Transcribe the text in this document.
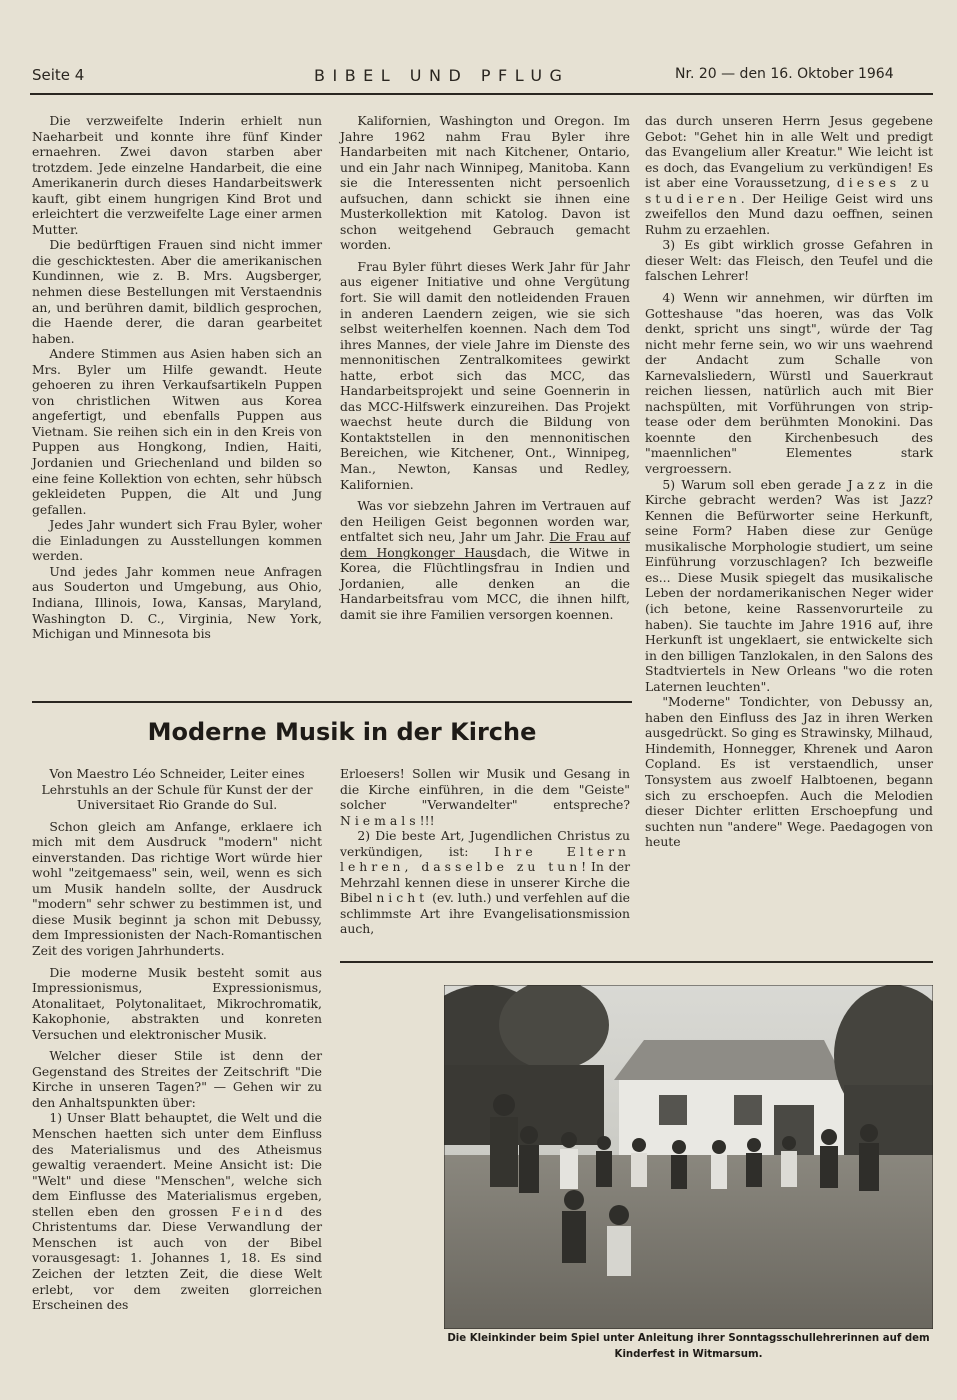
Seite 4	BIBEL UND PFLUG	Nr. 20 — den 16. Oktober 1964

Die verzweifelte Inderin erhielt nun Naeharbeit und konnte ihre fünf Kinder ernaehren. Zwei davon starben aber trotzdem. Jede einzelne Handarbeit, die eine Amerikanerin durch dieses Handarbeitswerk kauft, gibt einem hungrigen Kind Brot und erleichtert die verzweifelte Lage einer armen Mutter.

Die bedürftigen Frauen sind nicht immer die geschicktesten. Aber die amerikanischen Kundinnen, wie z. B. Mrs. Augsberger, nehmen diese Bestellungen mit Verstaendnis an, und berühren damit, bildlich gesprochen, die Haende derer, die daran gearbeitet haben.

Andere Stimmen aus Asien haben sich an Mrs. Byler um Hilfe gewandt. Heute gehoeren zu ihren Verkaufsartikeln Puppen von christlichen Witwen aus Korea angefertigt, und ebenfalls Puppen aus Vietnam. Sie reihen sich ein in den Kreis von Puppen aus Hongkong, Indien, Haiti, Jordanien und Griechenland und bilden so eine feine Kollektion von echten, sehr hübsch gekleideten Puppen, die Alt und Jung gefallen.

Jedes Jahr wundert sich Frau Byler, woher die Einladungen zu Ausstellungen kommen werden.

Und jedes Jahr kommen neue Anfragen aus Souderton und Umgebung, aus Ohio, Indiana, Illinois, Iowa, Kansas, Maryland, Washington D. C., Virginia, New York, Michigan und Minnesota bis

Kalifornien, Washington und Oregon. Im Jahre 1962 nahm Frau Byler ihre Handarbeiten mit nach Kitchener, Ontario, und ein Jahr nach Winnipeg, Manitoba. Kann sie die Interessenten nicht persoenlich aufsuchen, dann schickt sie ihnen eine Musterkollektion mit Katolog. Davon ist schon weitgehend Gebrauch gemacht worden.

Frau Byler führt dieses Werk Jahr für Jahr aus eigener Initiative und ohne Vergütung fort. Sie will damit den notleidenden Frauen in anderen Laendern zeigen, wie sie sich selbst weiterhelfen koennen. Nach dem Tod ihres Mannes, der viele Jahre im Dienste des mennonitischen Zentralkomitees gewirkt hatte, erbot sich das MCC, das Handarbeitsprojekt und seine Goennerin in das MCC-Hilfswerk einzureihen. Das Projekt waechst heute durch die Bildung von Kontaktstellen in den mennonitischen Bereichen, wie Kitchener, Ont., Winnipeg, Man., Newton, Kansas und Redley, Kalifornien.

Was vor siebzehn Jahren im Vertrauen auf den Heiligen Geist begonnen worden war, entfaltet sich neu, Jahr um Jahr. Die Frau auf dem Hongkonger Hausdach, die Witwe in Korea, die Flüchtlingsfrau in Indien und Jordanien, alle denken an die Handarbeitsfrau vom MCC, die ihnen hilft, damit sie ihre Familien versorgen koennen.

Moderne Musik in der Kirche

Von Maestro Léo Schneider, Leiter eines Lehrstuhls an der Schule für Kunst der der Universitaet Rio Grande do Sul.

Schon gleich am Anfange, erklaere ich mich mit dem Ausdruck "modern" nicht einverstanden. Das richtige Wort würde hier wohl "zeitgemaess" sein, weil, wenn es sich um Musik handeln sollte, der Ausdruck "modern" sehr schwer zu bestimmen ist, und diese Musik beginnt ja schon mit Debussy, dem Impressionisten der Nach-Romantischen Zeit des vorigen Jahrhunderts.

Die moderne Musik besteht somit aus Impressionismus, Expressionismus, Atonalitaet, Polytonalitaet, Mikrochromatik, Kakophonie, abstrakten und konreten Versuchen und elektronischer Musik.

Welcher dieser Stile ist denn der Gegenstand des Streites der Zeitschrift "Die Kirche in unseren Tagen?" — Gehen wir zu den Anhaltspunkten über:

1) Unser Blatt behauptet, die Welt und die Menschen haetten sich unter dem Einfluss des Materialismus und des Atheismus gewaltig veraendert. Meine Ansicht ist: Die "Welt" und diese "Menschen", welche sich dem Einflusse des Materialismus ergeben, stellen eben den grossen Feind des Christentums dar. Diese Verwandlung der Menschen ist auch von der Bibel vorausgesagt: 1. Johannes 1, 18. Es sind Zeichen der letzten Zeit, die diese Welt erlebt, vor dem zweiten glorreichen Erscheinen des

Erloesers! Sollen wir Musik und Gesang in die Kirche einführen, in die dem "Geiste" solcher "Verwandelter" entspreche? Niemals!!!

2) Die beste Art, Jugendlichen Christus zu verkündigen, ist: Ihre Eltern lehren, dasselbe zu tun! In der Mehrzahl kennen diese in unserer Kirche die Bibel nicht (ev. luth.) und verfehlen auf die schlimmste Art ihre Evangelisationsmission auch,

das durch unseren Herrn Jesus gegebene Gebot: "Gehet hin in alle Welt und predigt das Evangelium aller Kreatur." Wie leicht ist es doch, das Evangelium zu verkündigen! Es ist aber eine Voraussetzung, dieses zu studieren. Der Heilige Geist wird uns zweifellos den Mund dazu oeffnen, seinen Ruhm zu erzaehlen.

3) Es gibt wirklich grosse Gefahren in dieser Welt: das Fleisch, den Teufel und die falschen Lehrer!

4) Wenn wir annehmen, wir dürften im Gotteshause "das hoeren, was das Volk denkt, spricht uns singt", würde der Tag nicht mehr ferne sein, wo wir uns waehrend der Andacht zum Schalle von Karnevalsliedern, Würstl und Sauerkraut reichen liessen, natürlich auch mit Bier nachspülten, mit Vorführungen von strip-tease oder dem berühmten Monokini. Das koennte den Kirchenbesuch des "maennlichen" Elementes stark vergroessern.

5) Warum soll eben gerade Jazz in die Kirche gebracht werden? Was ist Jazz? Kennen die Befürworter seine Herkunft, seine Form? Haben diese zur Genüge musikalische Morphologie studiert, um seine Einführung vorzuschlagen? Ich bezweifle es... Diese Musik spiegelt das musikalische Leben der nordamerikanischen Neger wider (ich betone, keine Rassenvorurteile zu haben). Sie tauchte im Jahre 1916 auf, ihre Herkunft ist ungeklaert, sie entwickelte sich in den billigen Tanzlokalen, in den Salons des Stadtviertels in New Orleans "wo die roten Laternen leuchten".

"Moderne" Tondichter, von Debussy an, haben den Einfluss des Jaz in ihren Werken ausgedrückt. So ging es Strawinsky, Milhaud, Hindemith, Honnegger, Khrenek und Aaron Copland. Es ist verstaendlich, unser Tonsystem aus zwoelf Halbtoenen, begann sich zu erschoepfen. Auch die Melodien dieser Dichter erlitten Erschoepfung und suchten nun "andere" Wege. Paedagogen von heute

Die Kleinkinder beim Spiel unter Anleitung ihrer Sonntagsschullehrerinnen auf dem Kinderfest in Witmarsum.
